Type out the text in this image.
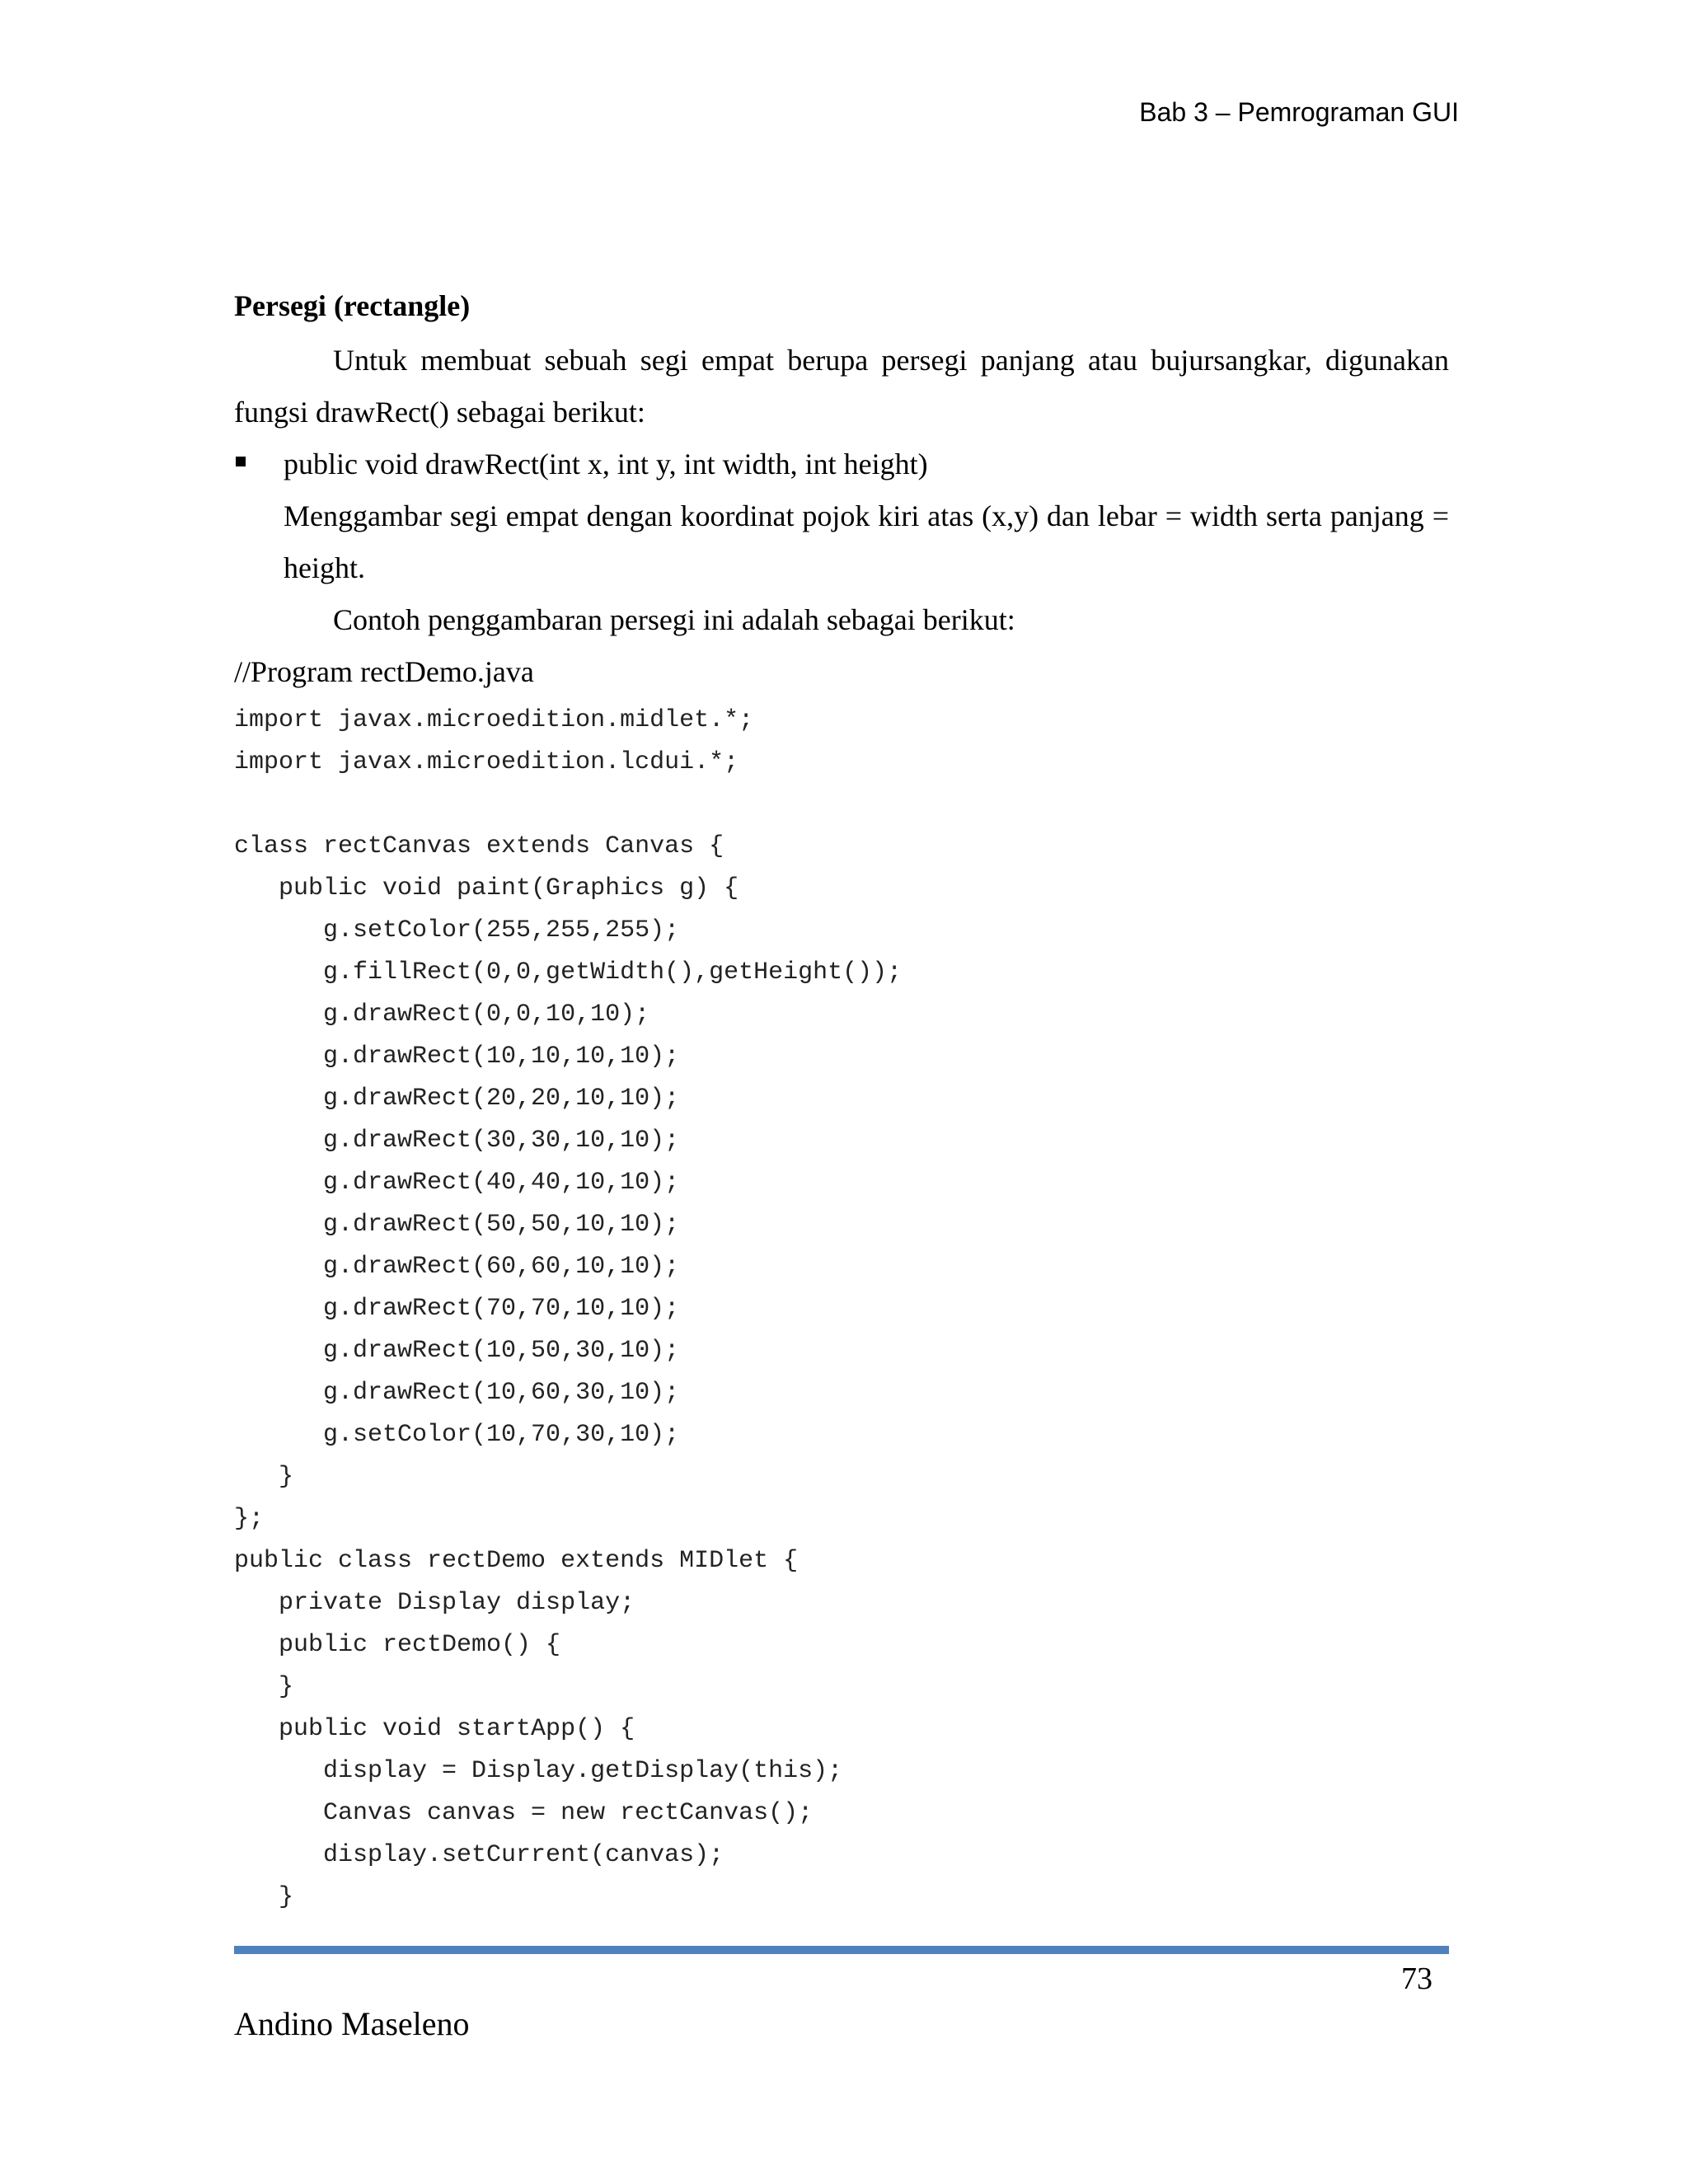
Bab 3 – Pemrograman GUI
Persegi (rectangle)

Untuk membuat sebuah segi empat berupa persegi panjang atau bujursangkar, digunakan fungsi drawRect() sebagai berikut:

public void drawRect(int x, int y, int width, int height)
Menggambar segi empat dengan koordinat pojok kiri atas (x,y) dan lebar = width serta panjang = height.

Contoh penggambaran persegi ini adalah sebagai berikut:

//Program rectDemo.java
import javax.microedition.midlet.*;
import javax.microedition.lcdui.*;
class rectCanvas extends Canvas {
public void paint(Graphics g) {
g.setColor(255,255,255);
g.fillRect(0,0,getWidth(),getHeight());
g.drawRect(0,0,10,10);
g.drawRect(10,10,10,10);
g.drawRect(20,20,10,10);
g.drawRect(30,30,10,10);
g.drawRect(40,40,10,10);
g.drawRect(50,50,10,10);
g.drawRect(60,60,10,10);
g.drawRect(70,70,10,10);
g.drawRect(10,50,30,10);
g.drawRect(10,60,30,10);
g.setColor(10,70,30,10);
}
};
public class rectDemo extends MIDlet {
private Display display;
public rectDemo() {
}
public void startApp() {
display = Display.getDisplay(this);
Canvas canvas = new rectCanvas();
display.setCurrent(canvas);
}
73
Andino Maseleno
